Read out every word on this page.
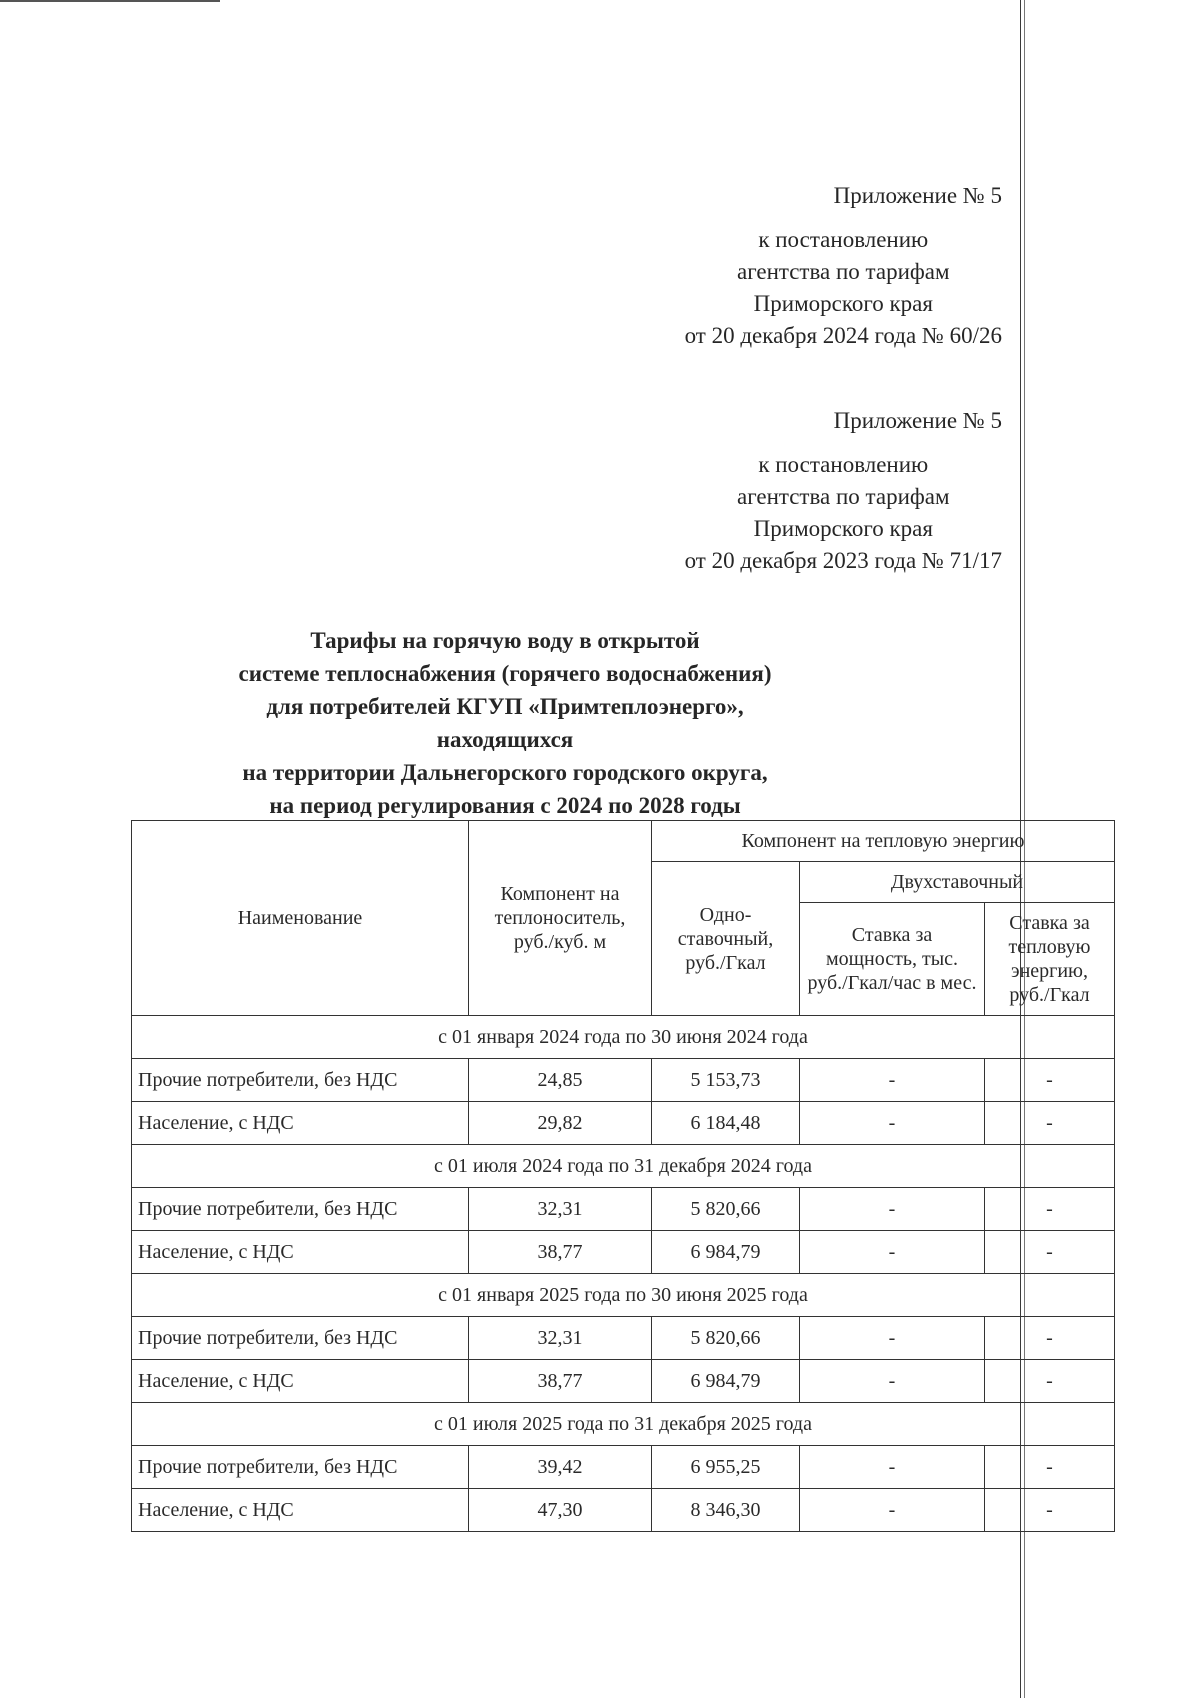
Приложение № 5
к постановлению
агентства по тарифам
Приморского края
от 20 декабря 2024 года № 60/26
Приложение № 5
к постановлению
агентства по тарифам
Приморского края
от 20 декабря 2023 года № 71/17
Тарифы на горячую воду в открытой
системе теплоснабжения (горячего водоснабжения)
для потребителей КГУП «Примтеплоэнерго», находящихся
на территории Дальнегорского городского округа,
на период регулирования с 2024 по 2028 годы
Наименование	Компонент на теплоноситель, руб./куб. м	Компонент на тепловую энергию		
		Одно-ставочный, руб./Гкал	Двухставочный	
			Ставка за мощность, тыс. руб./Гкал/час в мес.	Ставка за тепловую энергию, руб./Гкал
с 01 января 2024 года по 30 июня 2024 года				
Прочие потребители, без НДС	24,85	5 153,73	-	-
Население, с НДС	29,82	6 184,48	-	-
с 01 июля 2024 года по 31 декабря 2024 года				
Прочие потребители, без НДС	32,31	5 820,66	-	-
Население, с НДС	38,77	6 984,79	-	-
с 01 января 2025 года по 30 июня 2025 года				
Прочие потребители, без НДС	32,31	5 820,66	-	-
Население, с НДС	38,77	6 984,79	-	-
с 01 июля 2025 года по 31 декабря 2025 года				
Прочие потребители, без НДС	39,42	6 955,25	-	-
Население, с НДС	47,30	8 346,30	-	-
